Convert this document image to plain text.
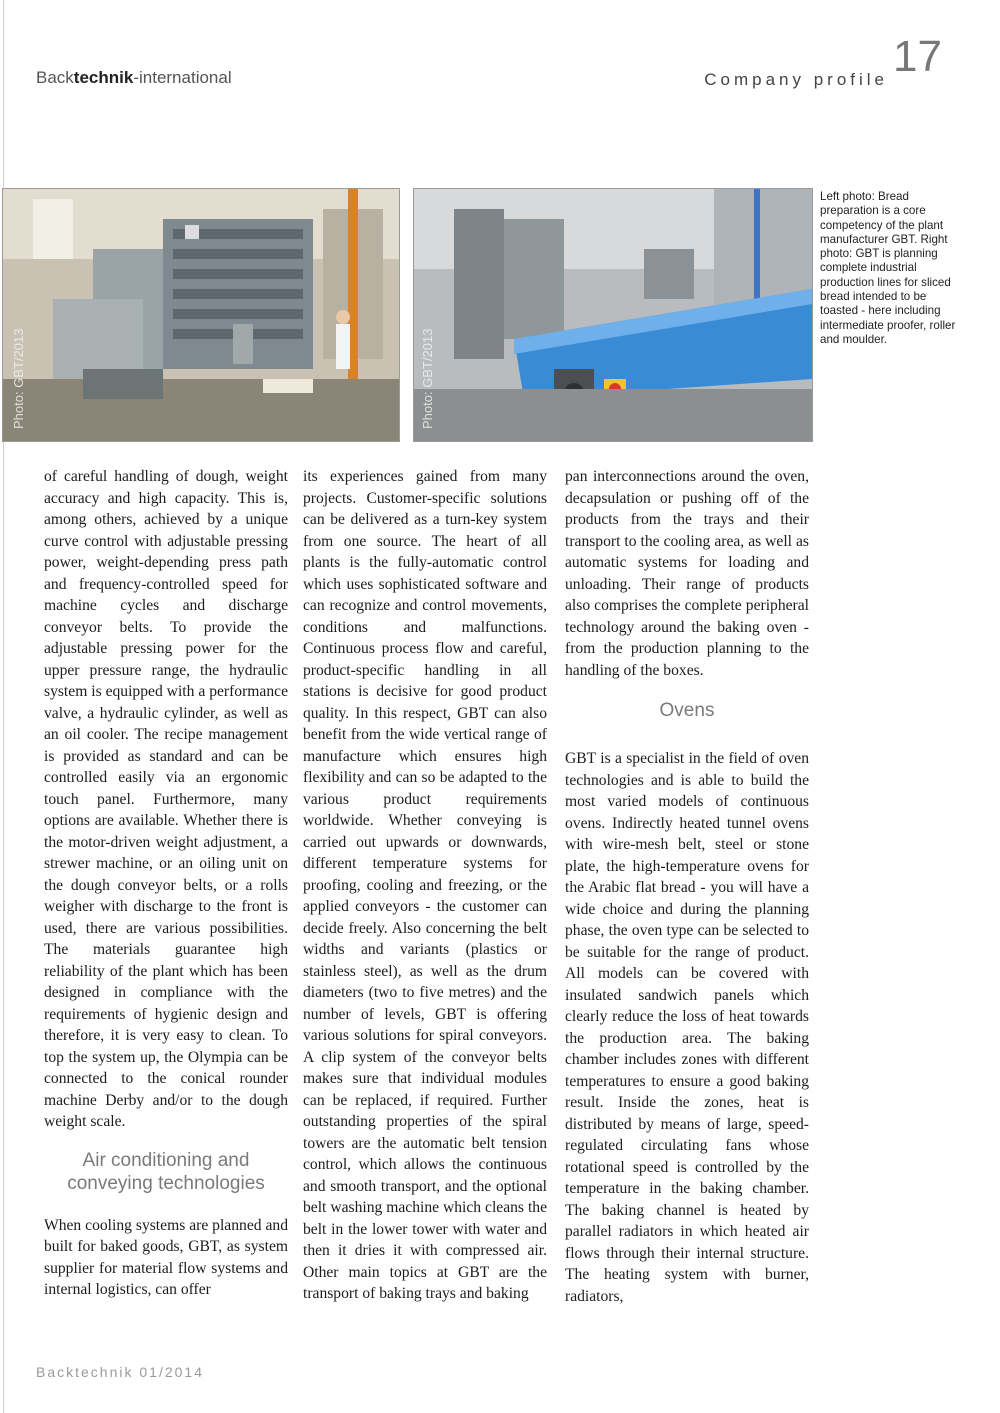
Backtechnik-international	Company profile 17
Photo: GBT/2013	Photo: GBT/2013
Left photo: Bread preparation is a core competency of the plant manufacturer GBT. Right photo: GBT is planning complete industrial production lines for sliced bread intended to be toasted - here including intermediate proofer, roller and moulder.

of careful handling of dough, weight accuracy and high capacity. This is, among others, achieved by a unique curve control with adjustable pressing power, weight-depending press path and frequency-controlled speed for machine cycles and discharge conveyor belts. To provide the adjustable pressing power for the upper pressure range, the hydraulic system is equipped with a performance valve, a hydraulic cylinder, as well as an oil cooler. The recipe management is provided as standard and can be controlled easily via an ergonomic touch panel. Furthermore, many options are available. Whether there is the motor-driven weight adjustment, a strewer machine, or an oiling unit on the dough conveyor belts, or a rolls weigher with discharge to the front is used, there are various possibilities. The materials guarantee high reliability of the plant which has been designed in compliance with the requirements of hygienic design and therefore, it is very easy to clean. To top the system up, the Olympia can be connected to the conical rounder machine Derby and/or to the dough weight scale.

Air conditioning and conveying technologies

When cooling systems are planned and built for baked goods, GBT, as system supplier for material flow systems and internal logistics, can offer

its experiences gained from many projects. Customer-specific solutions can be delivered as a turn-key system from one source. The heart of all plants is the fully-automatic control which uses sophisticated software and can recognize and control movements, conditions and malfunctions. Continuous process flow and careful, product-specific handling in all stations is decisive for good product quality. In this respect, GBT can also benefit from the wide vertical range of manufacture which ensures high flexibility and can so be adapted to the various product requirements worldwide. Whether conveying is carried out upwards or downwards, different temperature systems for proofing, cooling and freezing, or the applied conveyors - the customer can decide freely. Also concerning the belt widths and variants (plastics or stainless steel), as well as the drum diameters (two to five metres) and the number of levels, GBT is offering various solutions for spiral conveyors. A clip system of the conveyor belts makes sure that individual modules can be replaced, if required. Further outstanding properties of the spiral towers are the automatic belt tension control, which allows the continuous and smooth transport, and the optional belt washing machine which cleans the belt in the lower tower with water and then it dries it with compressed air. Other main topics at GBT are the transport of baking trays and baking

pan interconnections around the oven, decapsulation or pushing off of the products from the trays and their transport to the cooling area, as well as automatic systems for loading and unloading. Their range of products also comprises the complete peripheral technology around the baking oven - from the production planning to the handling of the boxes.

Ovens

GBT is a specialist in the field of oven technologies and is able to build the most varied models of continuous ovens. Indirectly heated tunnel ovens with wire-mesh belt, steel or stone plate, the high-temperature ovens for the Arabic flat bread - you will have a wide choice and during the planning phase, the oven type can be selected to be suitable for the range of product. All models can be covered with insulated sandwich panels which clearly reduce the loss of heat towards the production area. The baking chamber includes zones with different temperatures to ensure a good baking result. Inside the zones, heat is distributed by means of large, speed-regulated circulating fans whose rotational speed is controlled by the temperature in the baking chamber. The baking channel is heated by parallel radiators in which heated air flows through their internal structure. The heating system with burner, radiators,

Backtechnik 01/2014
